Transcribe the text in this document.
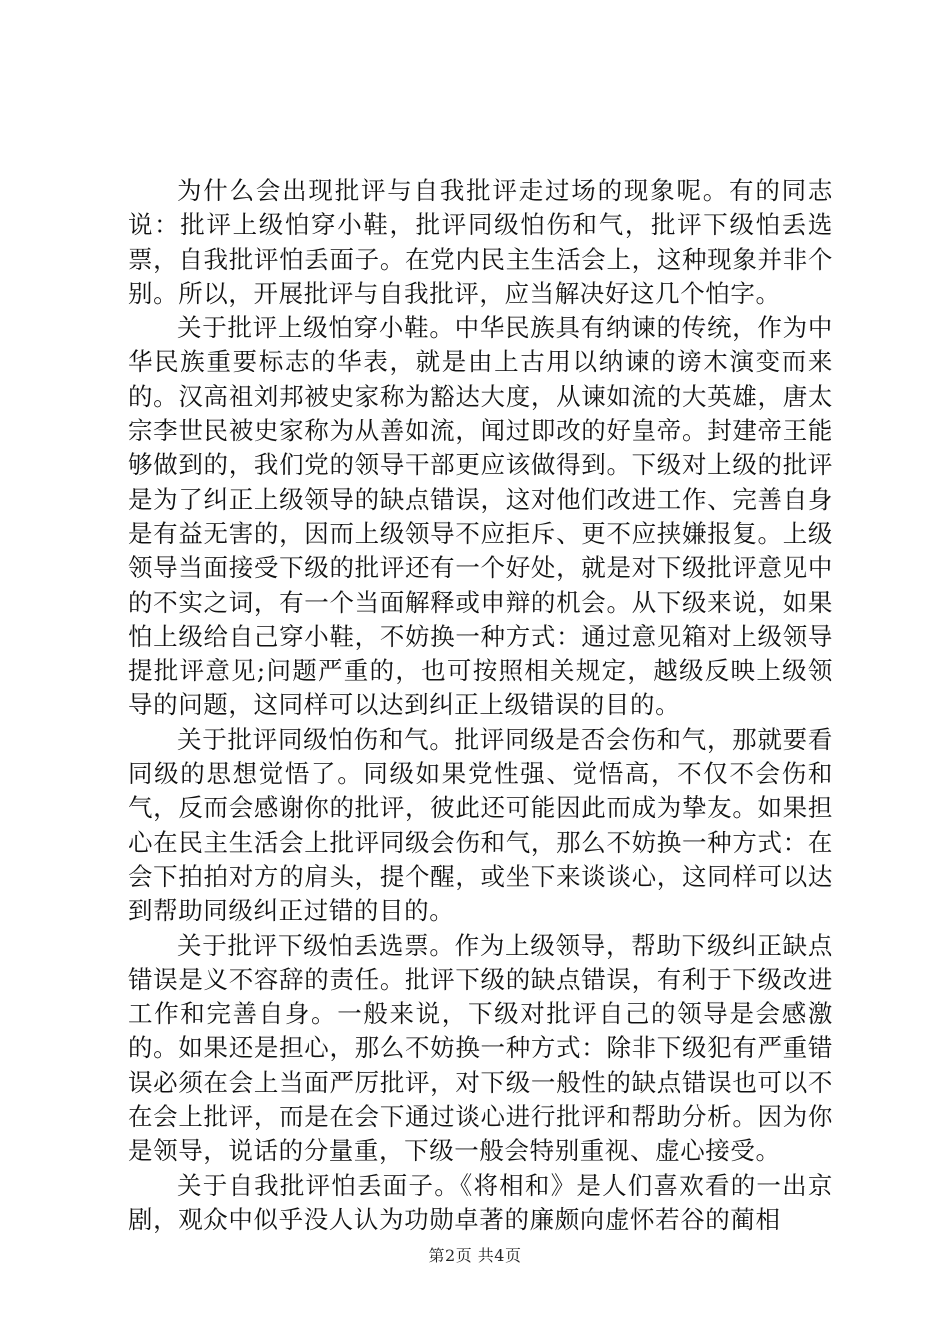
为什么会出现批评与自我批评走过场的现象呢。有的同志说：批评上级怕穿小鞋，批评同级怕伤和气，批评下级怕丢选票，自我批评怕丢面子。在党内民主生活会上，这种现象并非个别。所以，开展批评与自我批评，应当解决好这几个怕字。

关于批评上级怕穿小鞋。中华民族具有纳谏的传统，作为中华民族重要标志的华表，就是由上古用以纳谏的谤木演变而来的。汉高祖刘邦被史家称为豁达大度，从谏如流的大英雄，唐太宗李世民被史家称为从善如流，闻过即改的好皇帝。封建帝王能够做到的，我们党的领导干部更应该做得到。下级对上级的批评是为了纠正上级领导的缺点错误，这对他们改进工作、完善自身是有益无害的，因而上级领导不应拒斥、更不应挟嫌报复。上级领导当面接受下级的批评还有一个好处，就是对下级批评意见中的不实之词，有一个当面解释或申辩的机会。从下级来说，如果怕上级给自己穿小鞋，不妨换一种方式：通过意见箱对上级领导提批评意见;问题严重的，也可按照相关规定，越级反映上级领导的问题，这同样可以达到纠正上级错误的目的。

关于批评同级怕伤和气。批评同级是否会伤和气，那就要看同级的思想觉悟了。同级如果党性强、觉悟高，不仅不会伤和气，反而会感谢你的批评，彼此还可能因此而成为挚友。如果担心在民主生活会上批评同级会伤和气，那么不妨换一种方式：在会下拍拍对方的肩头，提个醒，或坐下来谈谈心，这同样可以达到帮助同级纠正过错的目的。

关于批评下级怕丢选票。作为上级领导，帮助下级纠正缺点错误是义不容辞的责任。批评下级的缺点错误，有利于下级改进工作和完善自身。一般来说，下级对批评自己的领导是会感激的。如果还是担心，那么不妨换一种方式：除非下级犯有严重错误必须在会上当面严厉批评，对下级一般性的缺点错误也可以不在会上批评，而是在会下通过谈心进行批评和帮助分析。因为你是领导，说话的分量重，下级一般会特别重视、虚心接受。

关于自我批评怕丢面子。《将相和》是人们喜欢看的一出京剧，观众中似乎没人认为功勋卓著的廉颇向虚怀若谷的蔺相

第2页 共4页
